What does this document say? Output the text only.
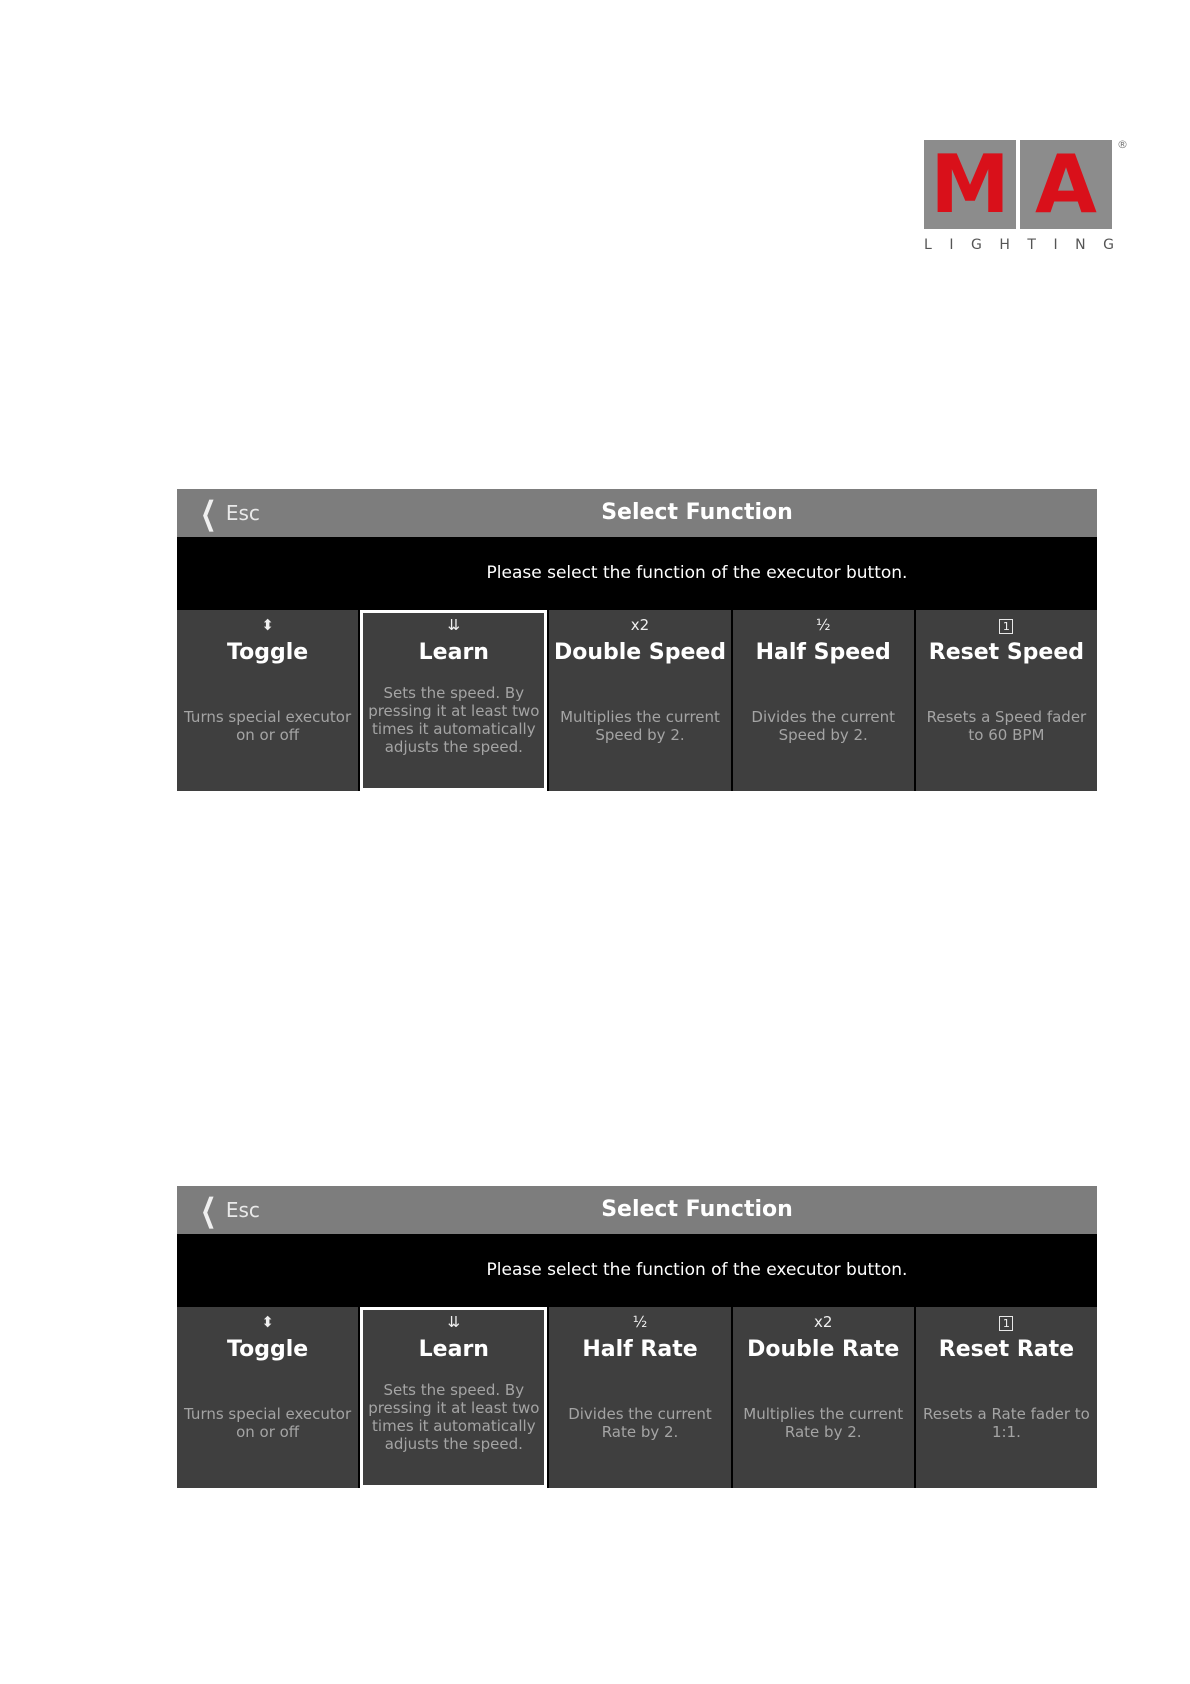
M A	®
L I G H T I N G
❮ Esc	Select Function
Please select the function of the executor button.
⬍
Toggle
Turns special executor on or off
⇊
Learn
Sets the speed. By pressing it at least two times it automatically adjusts the speed.
x2
Double Speed
Multiplies the current Speed by 2.
½
Half Speed
Divides the current Speed by 2.
1
Reset Speed
Resets a Speed fader to 60 BPM
❮ Esc	Select Function
Please select the function of the executor button.
⬍
Toggle
Turns special executor on or off
⇊
Learn
Sets the speed. By pressing it at least two times it automatically adjusts the speed.
½
Half Rate
Divides the current Rate by 2.
x2
Double Rate
Multiplies the current Rate by 2.
1
Reset Rate
Resets a Rate fader to 1:1.
